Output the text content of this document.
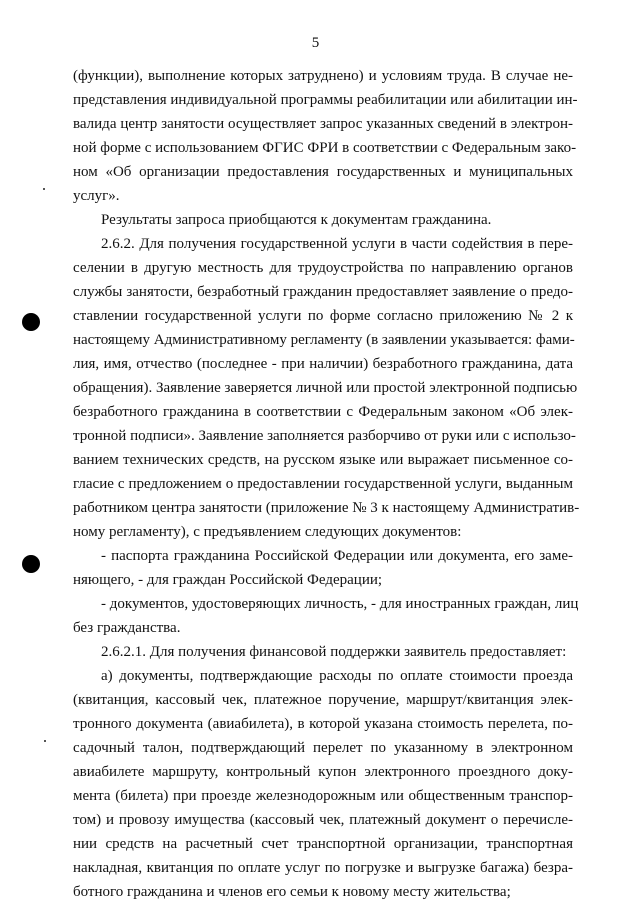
5
(функции), выполнение которых затруднено) и условиям труда. В случае не-
представления индивидуальной программы реабилитации или абилитации ин-
валида центр занятости осуществляет запрос указанных сведений в электрон-
ной форме с использованием ФГИС ФРИ в соответствии с Федеральным зако-
ном «Об организации предоставления государственных и муниципальных
услуг».
Результаты запроса приобщаются к документам гражданина.
2.6.2. Для получения государственной услуги в части содействия в пере-
селении в другую местность для трудоустройства по направлению органов
службы занятости, безработный гражданин предоставляет заявление о предо-
ставлении государственной услуги по форме согласно приложению № 2 к
настоящему Административному регламенту (в заявлении указывается: фами-
лия, имя, отчество (последнее - при наличии) безработного гражданина, дата
обращения). Заявление заверяется личной или простой электронной подписью
безработного гражданина в соответствии с Федеральным законом «Об элек-
тронной подписи». Заявление заполняется разборчиво от руки или с использо-
ванием технических средств, на русском языке или выражает письменное со-
гласие с предложением о предоставлении государственной услуги, выданным
работником центра занятости (приложение № 3 к настоящему Административ-
ному регламенту), с предъявлением следующих документов:
- паспорта гражданина Российской Федерации или документа, его заме-
няющего, - для граждан Российской Федерации;
- документов, удостоверяющих личность, - для иностранных граждан, лиц
без гражданства.
2.6.2.1. Для получения финансовой поддержки заявитель предоставляет:
а) документы, подтверждающие расходы по оплате стоимости проезда
(квитанция, кассовый чек, платежное поручение, маршрут/квитанция элек-
тронного документа (авиабилета), в которой указана стоимость перелета, по-
садочный талон, подтверждающий перелет по указанному в электронном
авиабилете маршруту, контрольный купон электронного проездного доку-
мента (билета) при проезде железнодорожным или общественным транспор-
том) и провозу имущества (кассовый чек, платежный документ о перечисле-
нии средств на расчетный счет транспортной организации, транспортная
накладная, квитанция по оплате услуг по погрузке и выгрузке багажа) безра-
ботного гражданина и членов его семьи к новому месту жительства;
